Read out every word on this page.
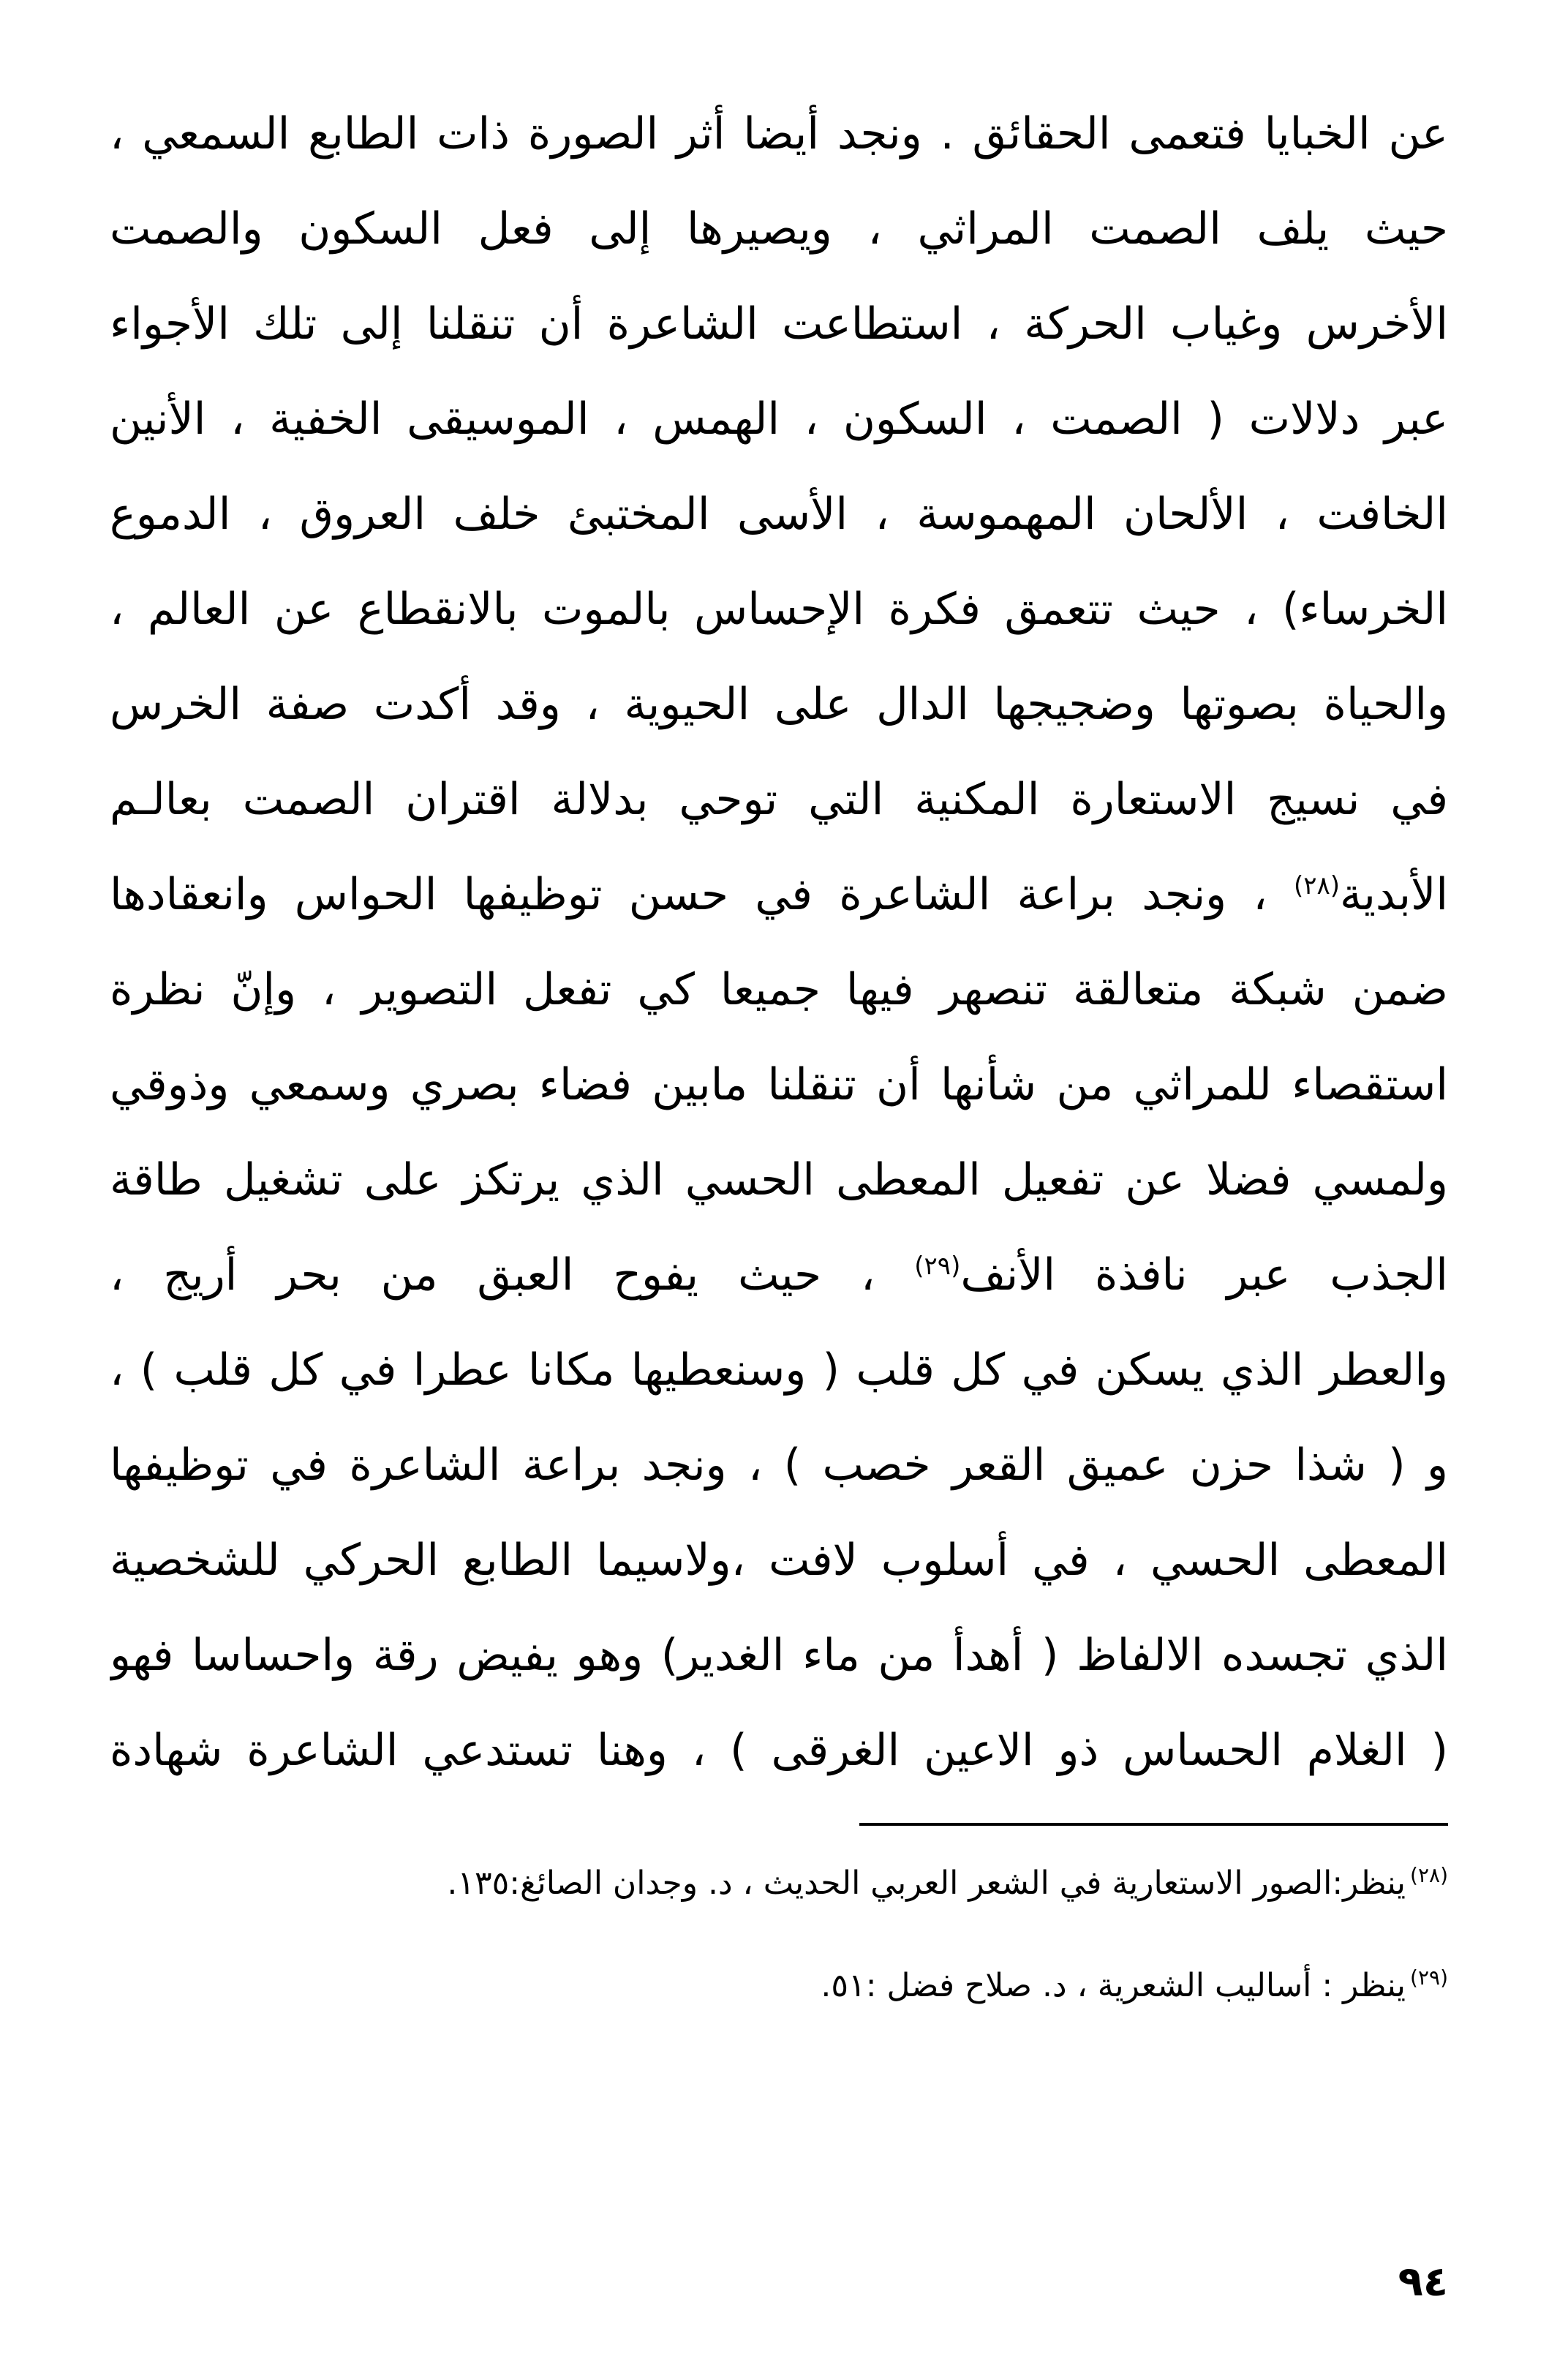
عن الخبايا فتعمى الحقائق . ونجد أيضا أثر الصورة ذات الطابع السمعي ،
حيث يلف الصمت المراثي ، ويصيرها إلى فعل السكون والصمت
الأخرس وغياب الحركة ، استطاعت الشاعرة أن تنقلنا إلى تلك الأجواء
عبر دلالات ( الصمت ، السكون ، الهمس ، الموسيقى الخفية ، الأنين
الخافت ، الألحان المهموسة ، الأسى المختبئ خلف العروق ، الدموع
الخرساء) ، حيث تتعمق فكرة الإحساس بالموت بالانقطاع عن العالم ،
والحياة بصوتها وضجيجها الدال على الحيوية ، وقد أكدت صفة الخرس
في نسيج الاستعارة المكنية التي توحي بدلالة اقتران الصمت بعالـم
الأبدية$^{(٢٨)}$ ، ونجد براعة الشاعرة في حسن توظيفها الحواس وانعقادها
ضمن شبكة متعالقة تنصهر فيها جميعا كي تفعل التصوير ، وإنّ نظرة
استقصاء للمراثي من شأنها أن تنقلنا مابين فضاء بصري وسمعي وذوقي
ولمسي فضلا عن تفعيل المعطى الحسي الذي يرتكز على تشغيل طاقة
الجذب عبر نافذة الأنف$^{(٢٩)}$ ، حيث يفوح العبق من بحر أريج ،
والعطر الذي يسكن في كل قلب ( وسنعطيها مكانا عطرا في كل قلب ) ،
و ( شذا حزن عميق القعر خصب ) ، ونجد براعة الشاعرة في توظيفها
المعطى الحسي ، في أسلوب لافت ،ولاسيما الطابع الحركي للشخصية
الذي تجسده الالفاظ ( أهدأ من ماء الغدير) وهو يفيض رقة واحساسا فهو
( الغلام الحساس ذو الاعين الغرقى ) ، وهنا تستدعي الشاعرة شهادة
$^{(٢٨)}$ينظر:الصور الاستعارية في الشعر العربي الحديث ، د. وجدان الصائغ:١٣٥.
$^{(٢٩)}$ينظر : أساليب الشعرية ، د. صلاح فضل :٥١.
٩٤
